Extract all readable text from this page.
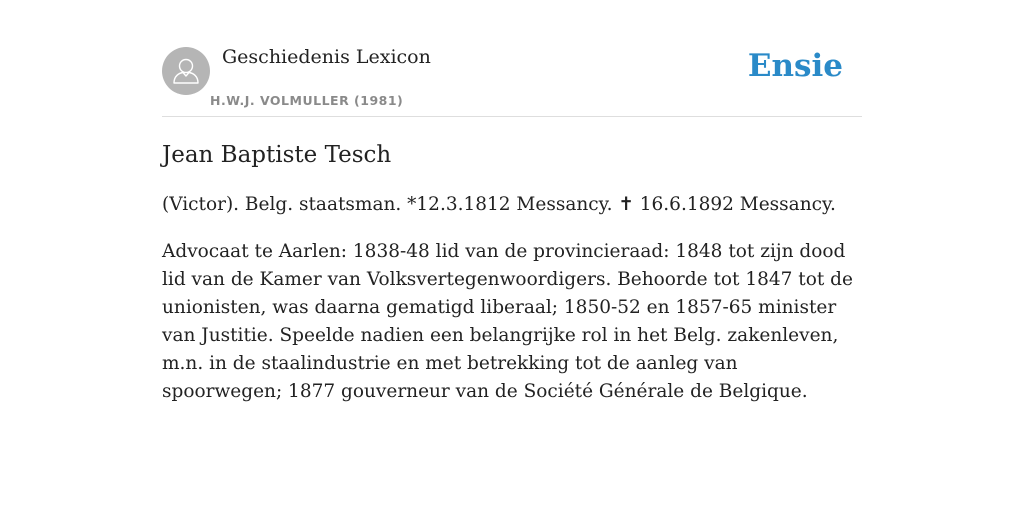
Geschiedenis Lexicon
H.W.J. VOLMULLER (1981)
Ensie
Jean Baptiste Tesch

(Victor). Belg. staatsman. *12.3.1812 Messancy. ✝ 16.6.1892 Messancy.

Advocaat te Aarlen: 1838-48 lid van de provincieraad: 1848 tot zijn dood lid van de Kamer van Volksvertegenwoordigers. Behoorde tot 1847 tot de unionisten, was daarna gematigd liberaal; 1850-52 en 1857-65 minister van Justitie. Speelde nadien een belangrijke rol in het Belg. zakenleven, m.n. in de staalindustrie en met betrekking tot de aanleg van spoorwegen; 1877 gouverneur van de Société Générale de Belgique.
